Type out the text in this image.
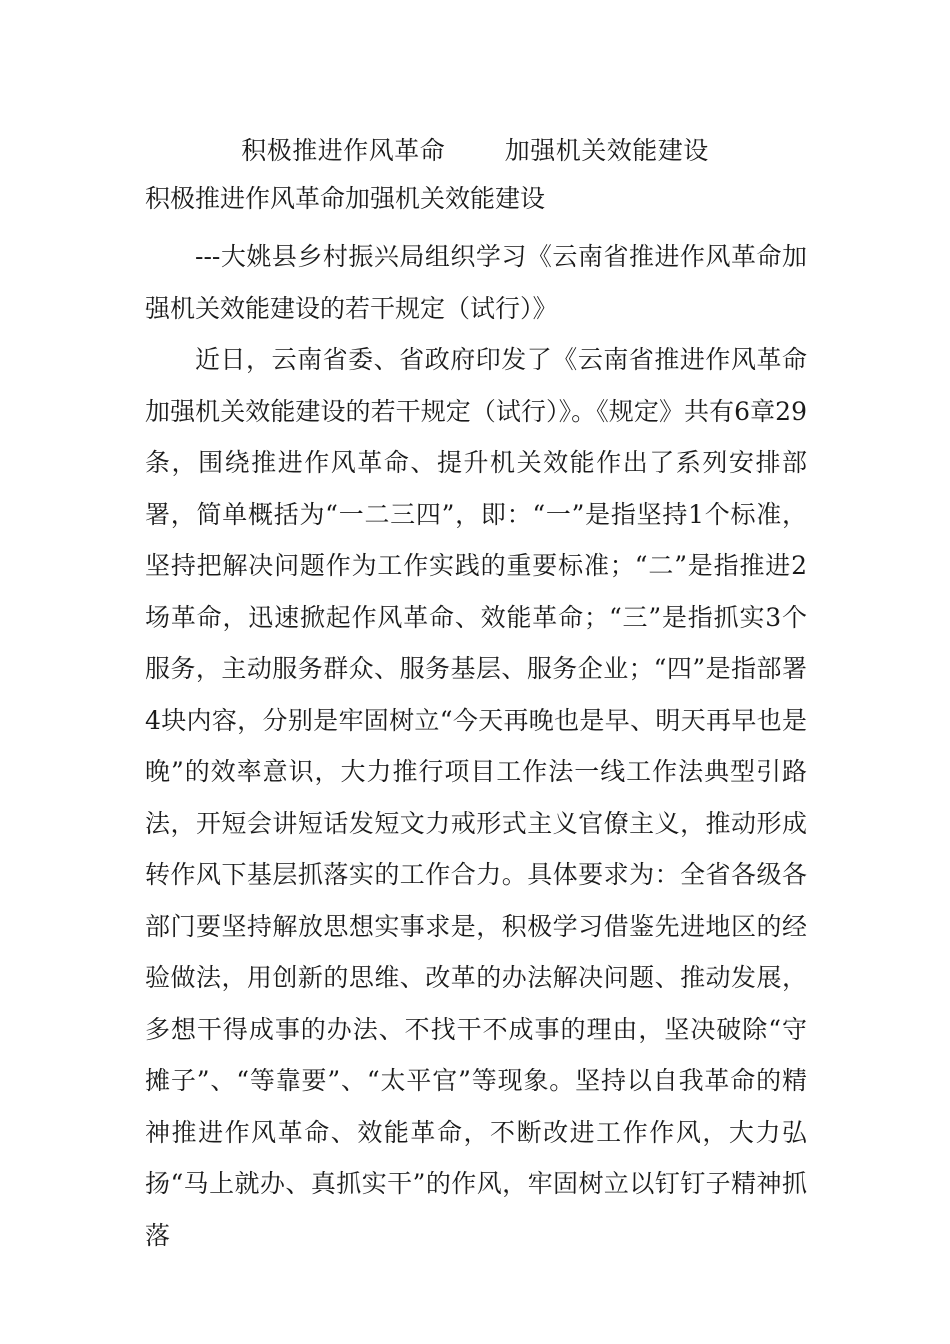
积极推进作风革命　　 加强机关效能建设
积极推进作风革命加强机关效能建设

---大姚县乡村振兴局组织学习《云南省推进作风革命加强机关效能建设的若干规定（试行）》

近日，云南省委、省政府印发了《云南省推进作风革命加强机关效能建设的若干规定（试行）》。《规定》共有6章29条，围绕推进作风革命、提升机关效能作出了系列安排部署，简单概括为“一二三四”，即：“一”是指坚持1个标准，坚持把解决问题作为工作实践的重要标准；“二”是指推进2场革命，迅速掀起作风革命、效能革命；“三”是指抓实3个服务，主动服务群众、服务基层、服务企业；“四”是指部署4块内容，分别是牢固树立“今天再晚也是早、明天再早也是晚”的效率意识，大力推行项目工作法一线工作法典型引路法，开短会讲短话发短文力戒形式主义官僚主义，推动形成转作风下基层抓落实的工作合力。具体要求为：全省各级各部门要坚持解放思想实事求是，积极学习借鉴先进地区的经验做法，用创新的思维、改革的办法解决问题、推动发展，多想干得成事的办法、不找干不成事的理由，坚决破除“守摊子”、“等靠要”、“太平官”等现象。坚持以自我革命的精神推进作风革命、效能革命，不断改进工作作风，大力弘扬“马上就办、真抓实干”的作风，牢固树立以钉钉子精神抓落
